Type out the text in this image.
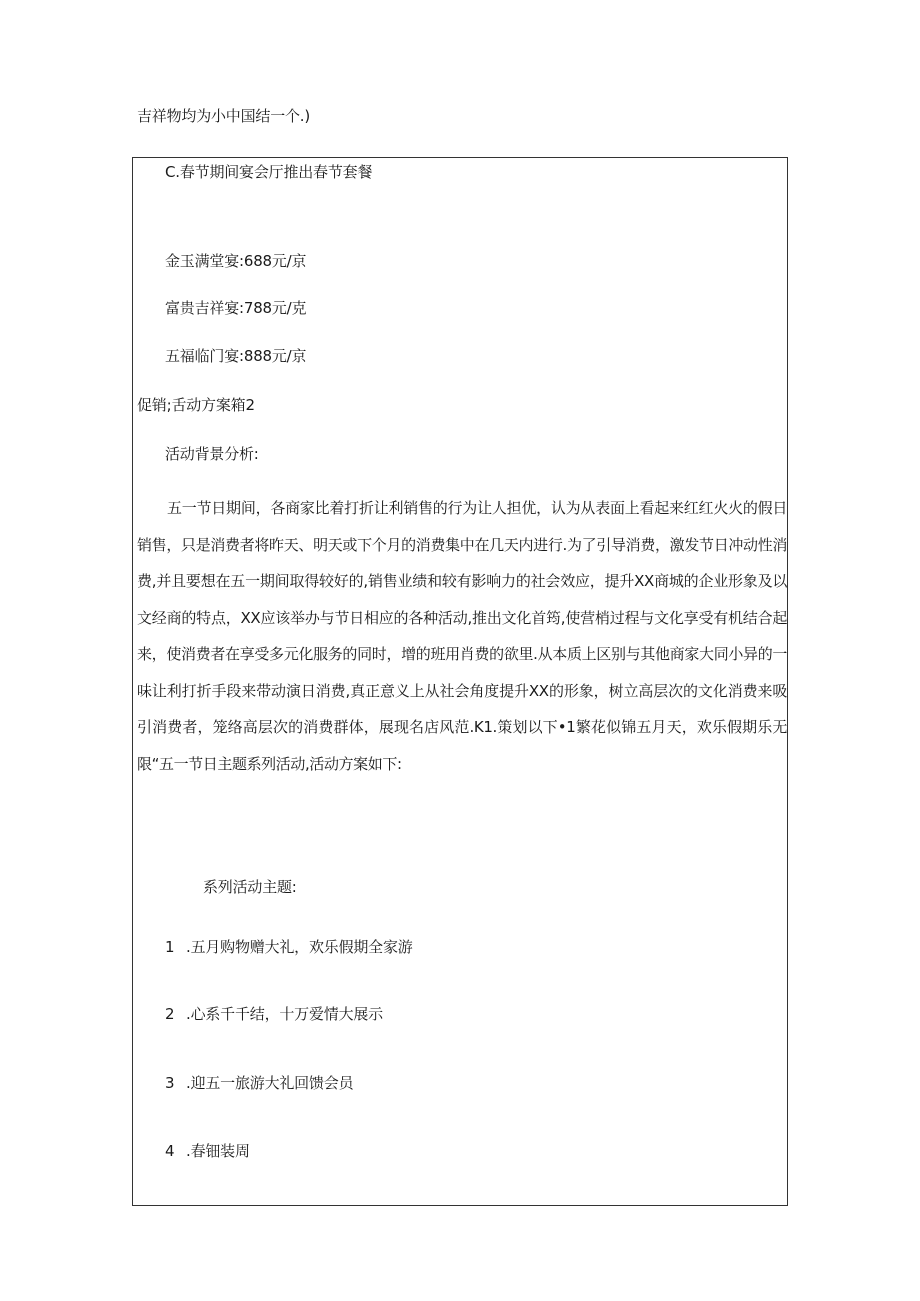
吉祥物均为小中国结一个.)
C.春节期间宴会厅推出春节套餐
金玉满堂宴:688元/京
富贵吉祥宴:788元/克
五福临门宴:888元/京
促销;舌动方案箱2
活动背景分析:

五一节日期间，各商家比着打折让利销售的行为让人担优，认为从表面上看起来红红火火的假日销售，只是消费者将昨天、明天或下个月的消费集中在几天内进行.为了引导消费，激发节日冲动性消费,并且要想在五一期间取得较好的,销售业绩和较有影响力的社会效应，提升XX商城的企业形象及以文经商的特点，XX应该举办与节日相应的各种活动,推出文化首筠,使营梢过程与文化享受有机结合起来，使消费者在享受多元化服务的同时，增的班用肖费的欲里.从本质上区别与其他商家大同小异的一味让利打折手段来带动演日消费,真正意义上从社会角度提升XX的形象，树立高层次的文化消费来吸引消费者，笼络高层次的消费群体，展现名店风范.K1.策划以下•1繁花似锦五月天，欢乐假期乐无限“五一节日主题系列活动,活动方案如下:

系列活动主题:
1 .五月购物赠大礼，欢乐假期全家游
2 .心系千千结，十万爱情大展示
3 .迎五一旅游大礼回馈会员
4 .春钿装周
